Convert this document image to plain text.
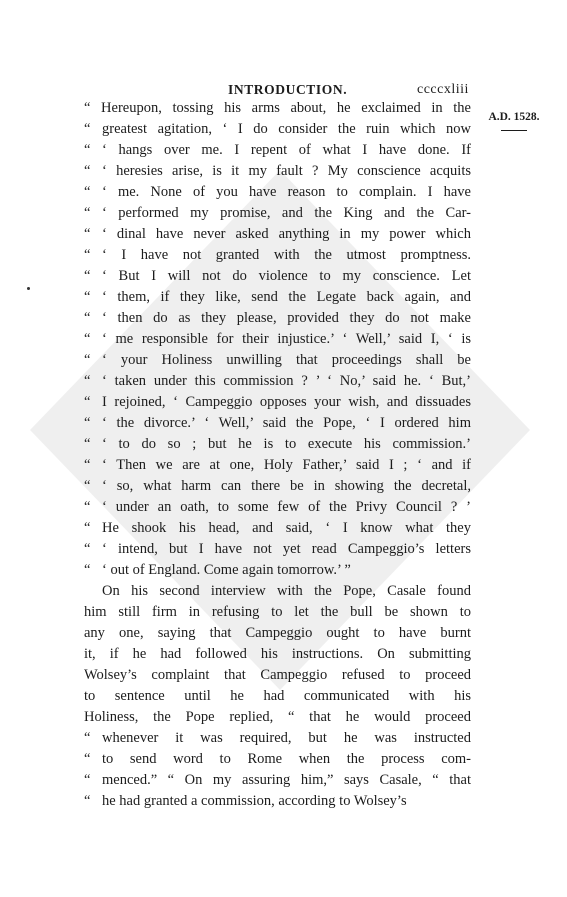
INTRODUCTION.	ccccxliii
A.D. 1528.
“ Hereupon, tossing his arms about, he exclaimed in the
“ greatest agitation, ‘ I do consider the ruin which now
“ ‘ hangs over me. I repent of what I have done. If
“ ‘ heresies arise, is it my fault ? My conscience acquits
“ ‘ me. None of you have reason to complain. I have
“ ‘ performed my promise, and the King and the Car-
“ ‘ dinal have never asked anything in my power which
“ ‘ I have not granted with the utmost promptness.
“ ‘ But I will not do violence to my conscience. Let
“ ‘ them, if they like, send the Legate back again, and
“ ‘ then do as they please, provided they do not make
“ ‘ me responsible for their injustice.’ ‘ Well,’ said I, ‘ is
“ ‘ your Holiness unwilling that proceedings shall be
“ ‘ taken under this commission ? ’ ‘ No,’ said he. ‘ But,’
“ I rejoined, ‘ Campeggio opposes your wish, and dissuades
“ ‘ the divorce.’ ‘ Well,’ said the Pope, ‘ I ordered him
“ ‘ to do so ; but he is to execute his commission.’
“ ‘ Then we are at one, Holy Father,’ said I ; ‘ and if
“ ‘ so, what harm can there be in showing the decretal,
“ ‘ under an oath, to some few of the Privy Council ? ’
“ He shook his head, and said, ‘ I know what they
“ ‘ intend, but I have not yet read Campeggio’s letters
“ ‘ out of England. Come again tomorrow.’ ”
On his second interview with the Pope, Casale found
him still firm in refusing to let the bull be shown to
any one, saying that Campeggio ought to have burnt
it, if he had followed his instructions. On submitting
Wolsey’s complaint that Campeggio refused to proceed
to sentence until he had communicated with his
Holiness, the Pope replied, “ that he would proceed
“ whenever it was required, but he was instructed
“ to send word to Rome when the process com-
“ menced.” “ On my assuring him,” says Casale, “ that
“ he had granted a commission, according to Wolsey’s
